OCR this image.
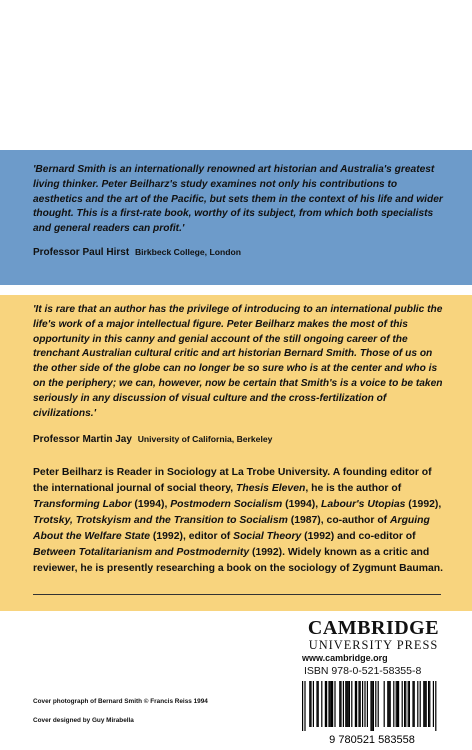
'Bernard Smith is an internationally renowned art historian and Australia's greatest living thinker. Peter Beilharz's study examines not only his contributions to aesthetics and the art of the Pacific, but sets them in the context of his life and wider thought. This is a first-rate book, worthy of its subject, from which both specialists and general readers can profit.'

Professor Paul Hirst Birkbeck College, London

'It is rare that an author has the privilege of introducing to an international public the life's work of a major intellectual figure. Peter Beilharz makes the most of this opportunity in this canny and genial account of the still ongoing career of the trenchant Australian cultural critic and art historian Bernard Smith. Those of us on the other side of the globe can no longer be so sure who is at the center and who is on the periphery; we can, however, now be certain that Smith's is a voice to be taken seriously in any discussion of visual culture and the cross-fertilization of civilizations.'

Professor Martin Jay University of California, Berkeley

Peter Beilharz is Reader in Sociology at La Trobe University. A founding editor of the international journal of social theory, Thesis Eleven, he is the author of Transforming Labor (1994), Postmodern Socialism (1994), Labour's Utopias (1992), Trotsky, Trotskyism and the Transition to Socialism (1987), co-author of Arguing About the Welfare State (1992), editor of Social Theory (1992) and co-editor of Between Totalitarianism and Postmodernity (1992). Widely known as a critic and reviewer, he is presently researching a book on the sociology of Zygmunt Bauman.

CAMBRIDGE
UNIVERSITY PRESS
www.cambridge.org
ISBN 978-0-521-58355-8
9 780521 583558
Cover photograph of Bernard Smith © Francis Reiss 1994
Cover designed by Guy Mirabella
